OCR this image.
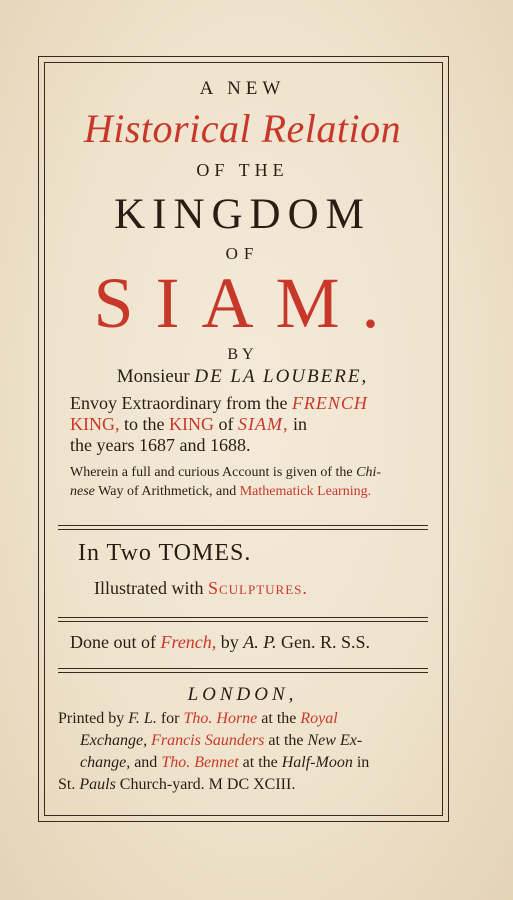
A NEW
Historical Relation
OF THE
KINGDOM
OF
SIAM.
BY
Monsieur DE LA LOUBERE,
Envoy Extraordinary from the FRENCH
KING, to the KING of SIAM, in
the years 1687 and 1688.
Wherein a full and curious Account is given of the Chi-
nese Way of Arithmetick, and Mathematick Learning.
In Two TOMES.
Illustrated with Sculptures.
Done out of French, by A. P. Gen. R. S.S.
LONDON,
Printed by F. L. for Tho. Horne at the Royal
Exchange, Francis Saunders at the New Ex-
change, and Tho. Bennet at the Half-Moon in
St. Pauls Church-yard. M DC XCIII.
